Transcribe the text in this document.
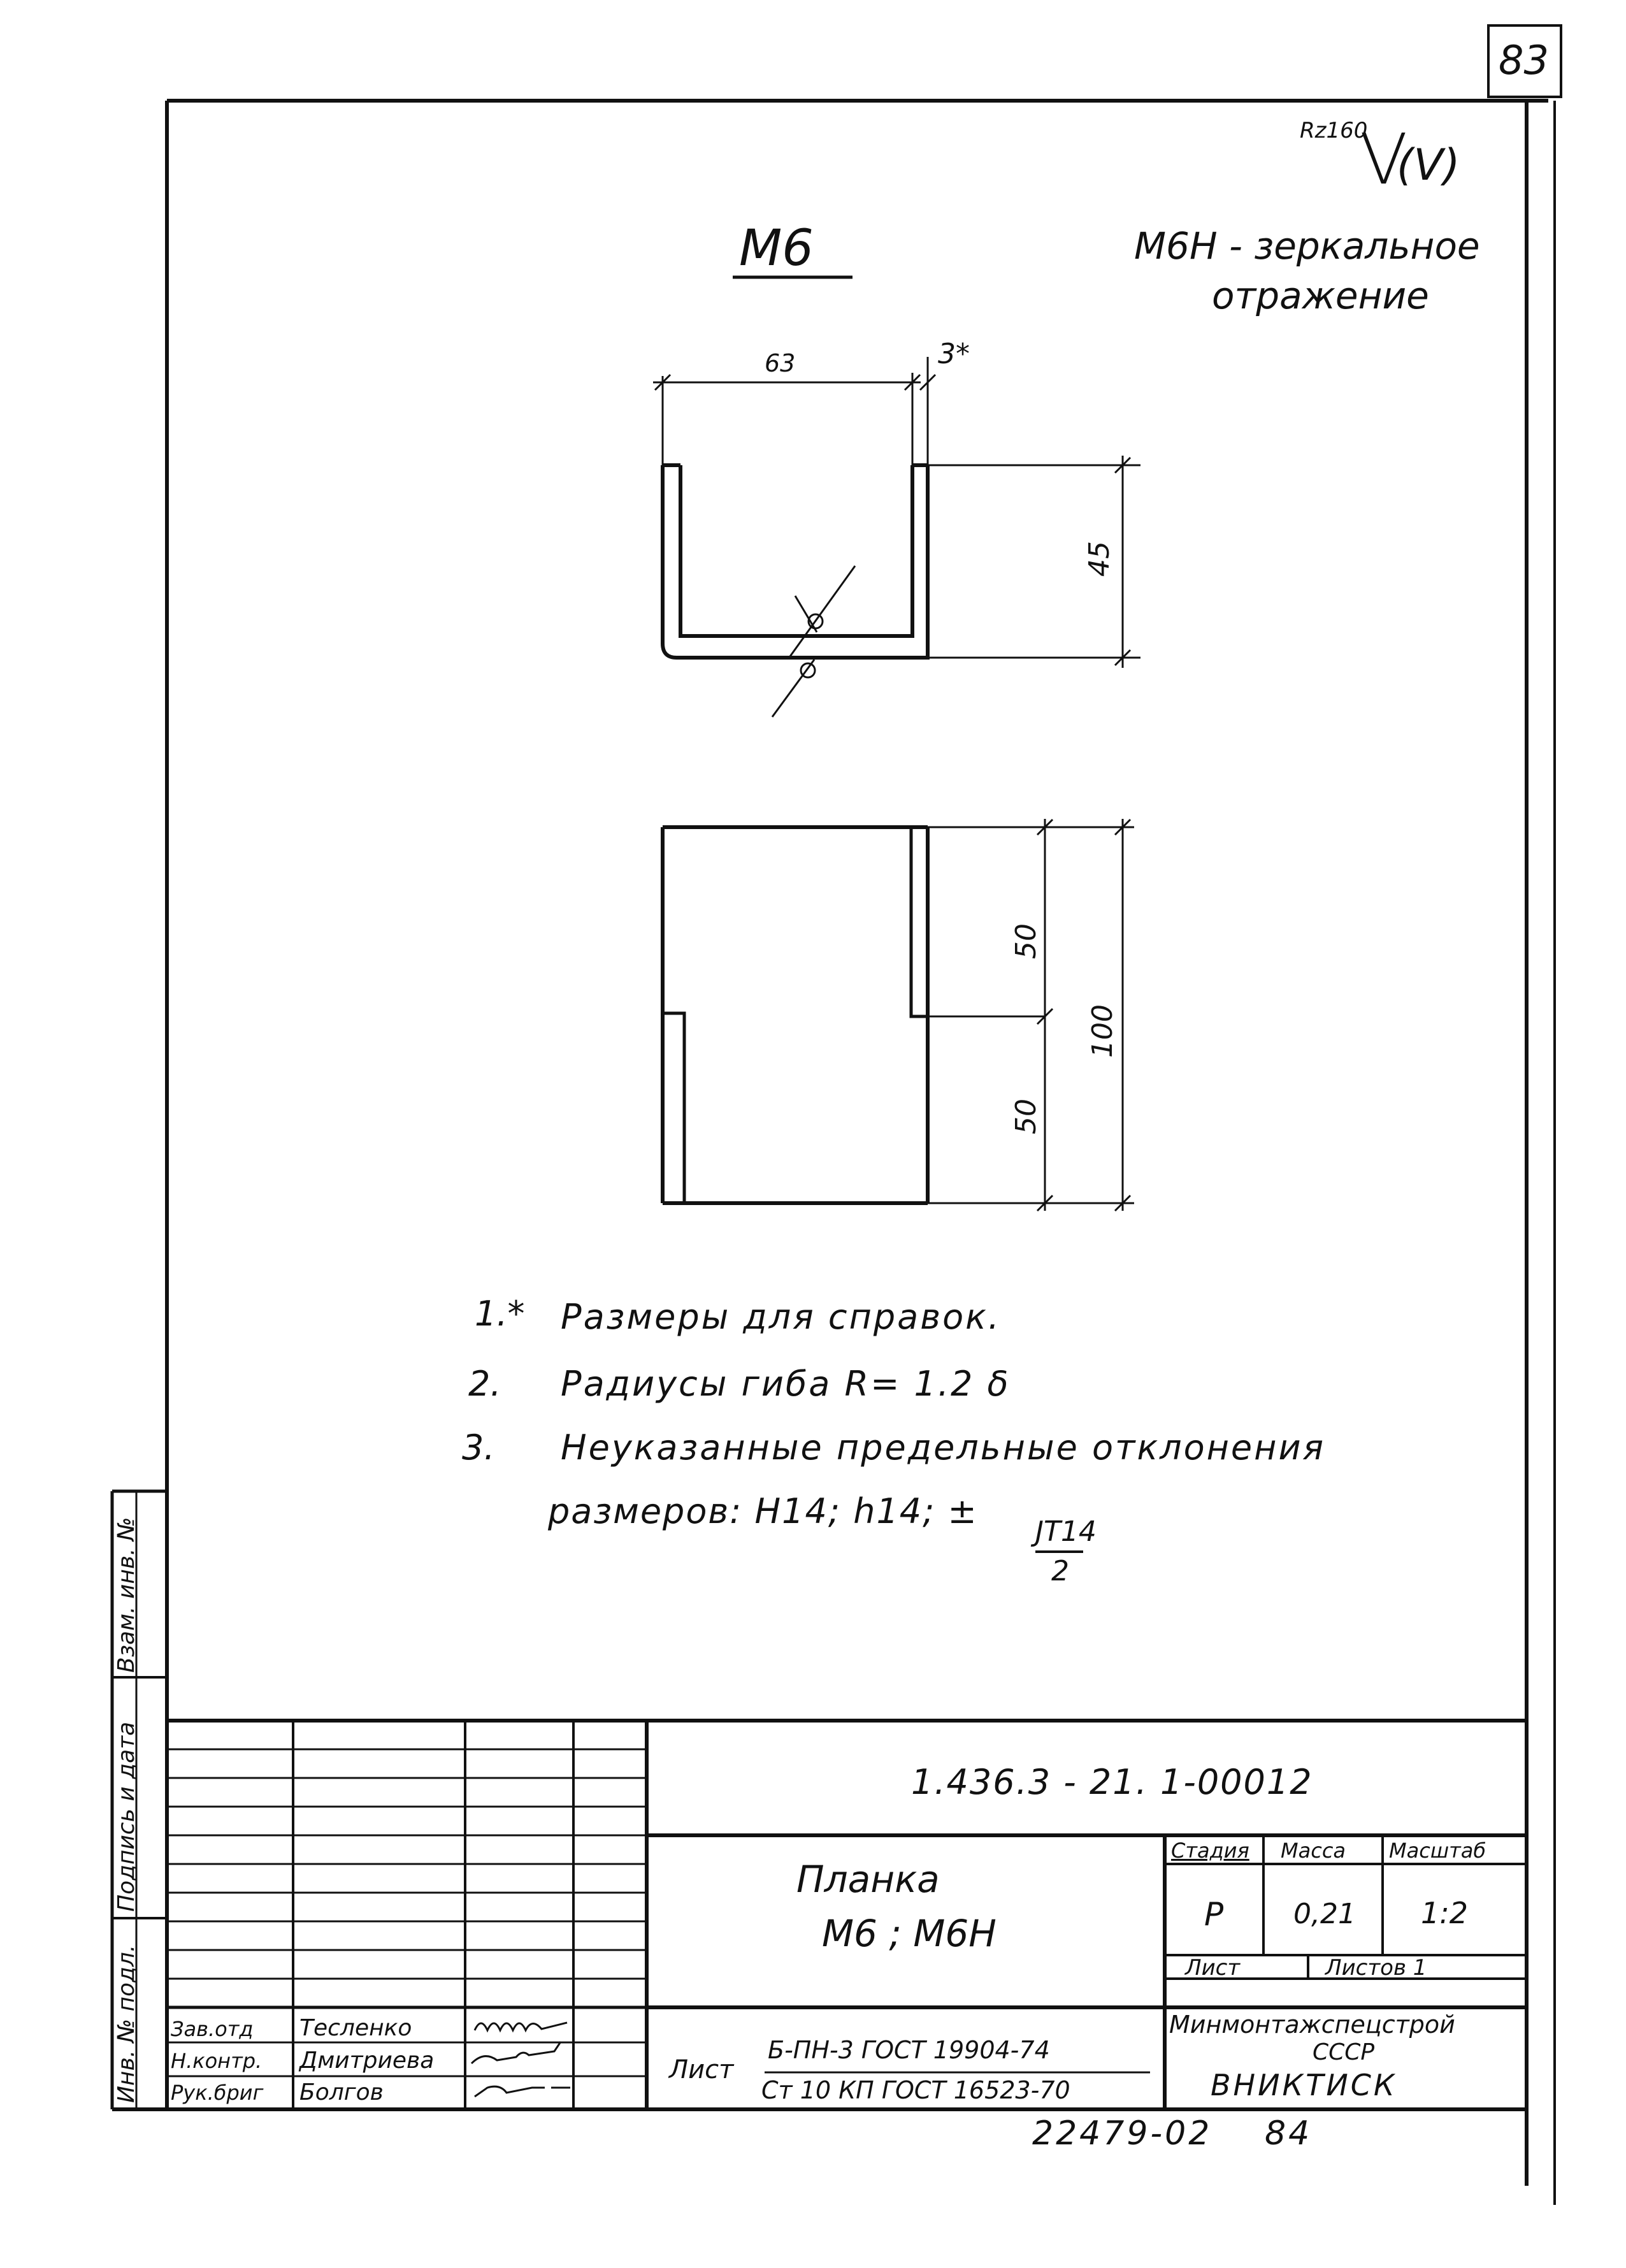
83
Rz160
V
(V)
М6	М6Н - зеркальное
отражение
63	3*
45
50
50
100
1.* Размеры для справок.
2. Радиусы гиба R= 1.2 δ
3. Неуказанные предельные отклонения
размеров: Н14; h14; ±
JT14
2
Инв. № подл.
Подпись и дата
Взам. инв. №
1.436.3 - 21. 1-00012
Планка
М6 ; М6Н
Стадия Масса Масштаб
Р 0,21 1:2
Лист	Листов 1
Зав.отд Тесленко
Н.контр. Дмитриева
Рук.бриг Болгов
Лист
Б-ПН-3 ГОСТ 19904-74
Ст 10 КП ГОСТ 16523-70
Минмонтажспецстрой
СССР
ВНИКТИСК
22479-02 84
